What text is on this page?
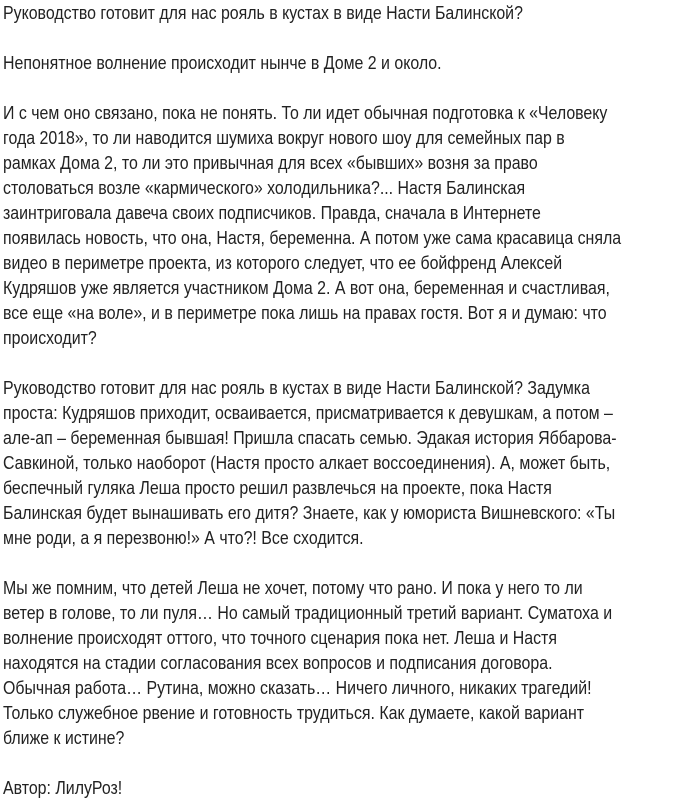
Руководство готовит для нас рояль в кустах в виде Насти Балинской?
Непонятное волнение происходит нынче в Доме 2 и около.
И с чем оно связано, пока не понять. То ли идет обычная подготовка к «Человеку
года 2018», то ли наводится шумиха вокруг нового шоу для семейных пар в
рамках Дома 2, то ли это привычная для всех «бывших» возня за право
столоваться возле «кармического» холодильника?... Настя Балинская
заинтриговала давеча своих подписчиков. Правда, сначала в Интернете
появилась новость, что она, Настя, беременна. А потом уже сама красавица сняла
видео в периметре проекта, из которого следует, что ее бойфренд Алексей
Кудряшов уже является участником Дома 2. А вот она, беременная и счастливая,
все еще «на воле», и в периметре пока лишь на правах гостя. Вот я и думаю: что
происходит?
Руководство готовит для нас рояль в кустах в виде Насти Балинской? Задумка
проста: Кудряшов приходит, осваивается, присматривается к девушкам, а потом –
але-ап – беременная бывшая! Пришла спасать семью. Эдакая история Яббарова-
Савкиной, только наоборот (Настя просто алкает воссоединения). А, может быть,
беспечный гуляка Леша просто решил развлечься на проекте, пока Настя
Балинская будет вынашивать его дитя? Знаете, как у юмориста Вишневского: «Ты
мне роди, а я перезвоню!» А что?! Все сходится.
Мы же помним, что детей Леша не хочет, потому что рано. И пока у него то ли
ветер в голове, то ли пуля… Но самый традиционный третий вариант. Суматоха и
волнение происходят оттого, что точного сценария пока нет. Леша и Настя
находятся на стадии согласования всех вопросов и подписания договора.
Обычная работа… Рутина, можно сказать… Ничего личного, никаких трагедий!
Только служебное рвение и готовность трудиться. Как думаете, какой вариант
ближе к истине?
Автор: ЛилуРоз!
